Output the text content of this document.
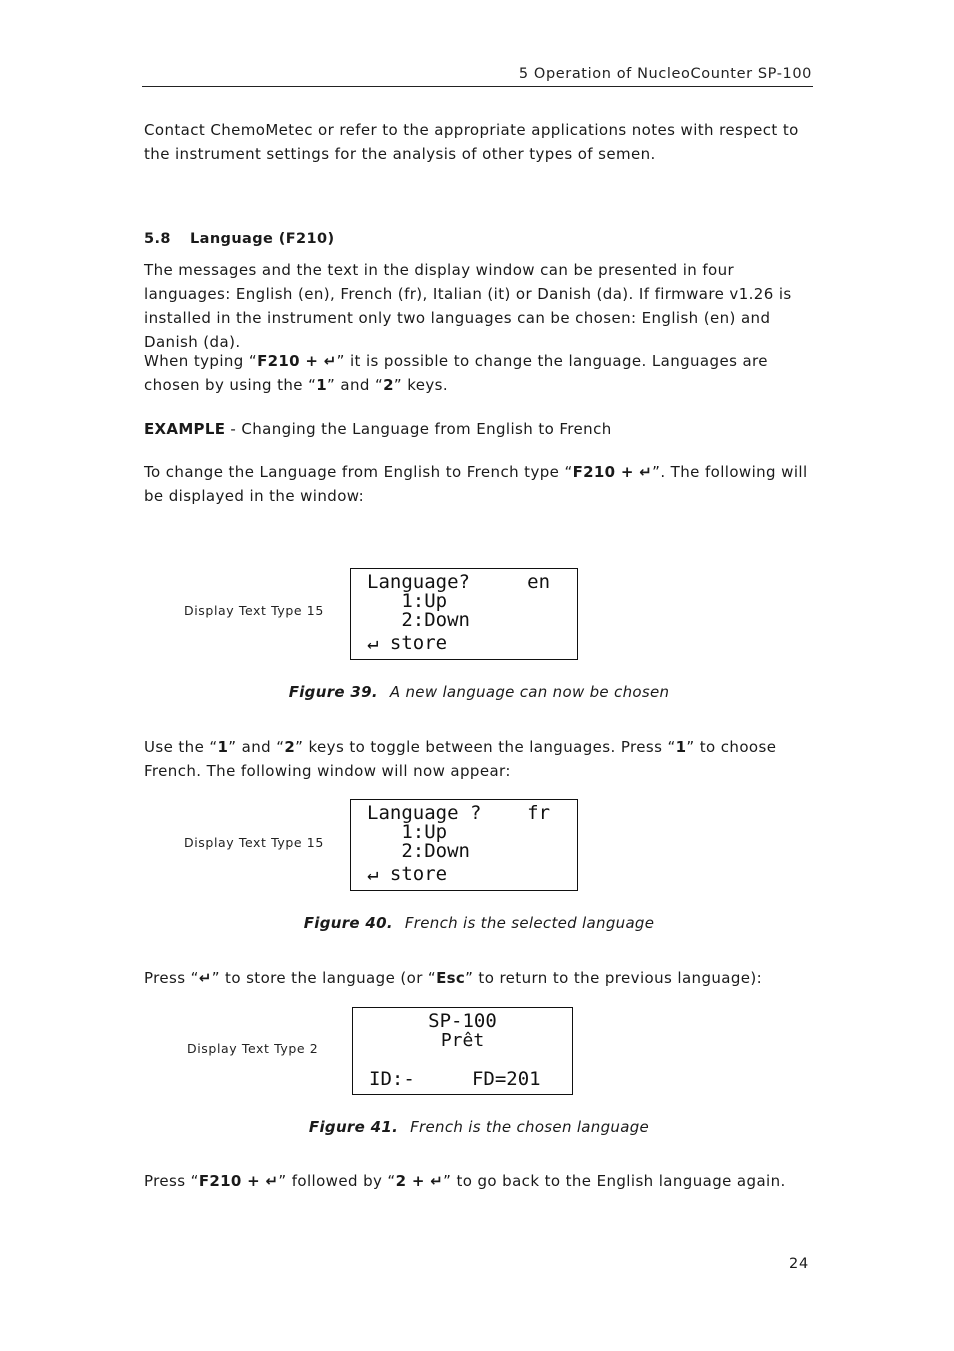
5 Operation of NucleoCounter SP-100

Contact ChemoMetec or refer to the appropriate applications notes with respect to the instrument settings for the analysis of other types of semen.

5.8 Language (F210)

The messages and the text in the display window can be presented in four languages: English (en), French (fr), Italian (it) or Danish (da). If firmware v1.26 is installed in the instrument only two languages can be chosen: English (en) and Danish (da).

When typing “F210 + ↵” it is possible to change the language. Languages are chosen by using the “1” and “2” keys.

EXAMPLE - Changing the Language from English to French

To change the Language from English to French type “F210 + ↵”. The following will be displayed in the window:

Display Text Type 15
Language?     en
1:Up
2:Down
↵ store
Figure 39. A new language can now be chosen

Use the “1” and “2” keys to toggle between the languages. Press “1” to choose French. The following window will now appear:

Display Text Type 15
Language ?    fr
1:Up
2:Down
↵ store
Figure 40. French is the selected language

Press “↵” to store the language (or “Esc” to return to the previous language):

Display Text Type 2
SP-100
Prêt
ID:-     FD=201
Figure 41. French is the chosen language

Press “F210 + ↵” followed by “2 + ↵” to go back to the English language again.

24
